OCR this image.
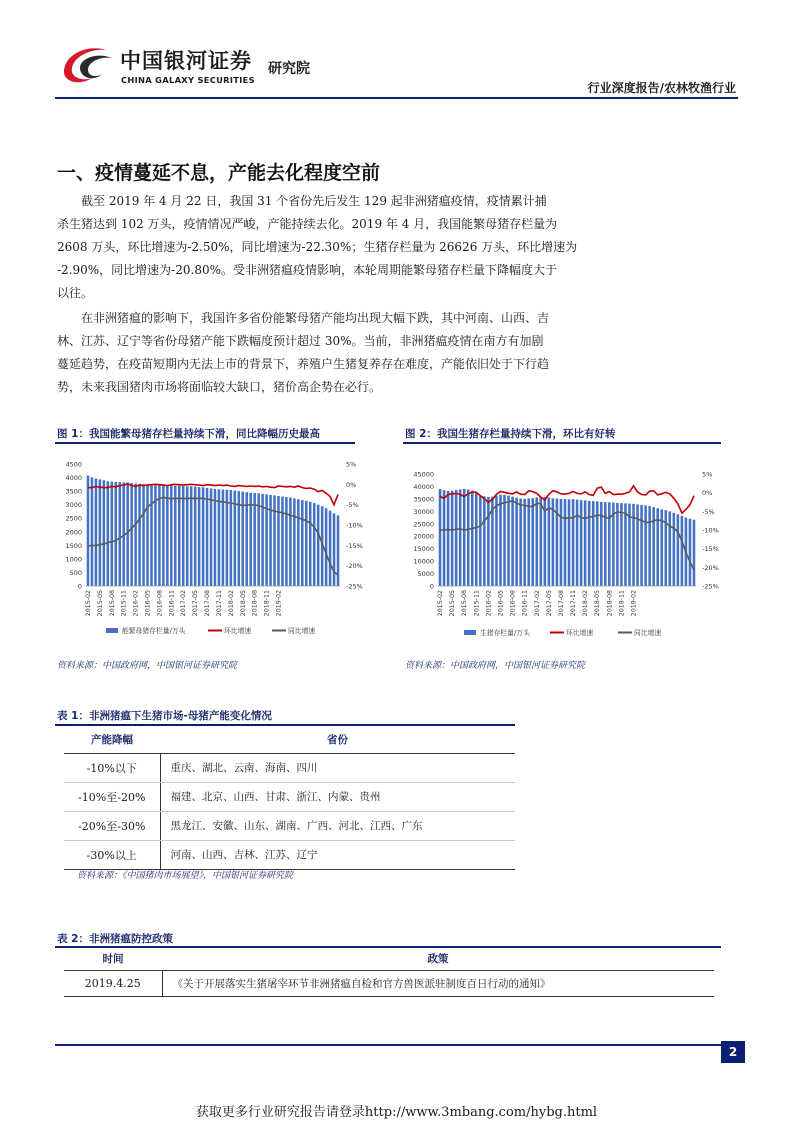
中国银河证券
CHINA GALAXY SECURITIES
研究院
行业深度报告/农林牧渔行业
一、疫情蔓延不息，产能去化程度空前
截至 2019 年 4 月 22 日，我国 31 个省份先后发生 129 起非洲猪瘟疫情，疫情累计捕
杀生猪达到 102 万头，疫情情况严峻，产能持续去化。2019 年 4 月，我国能繁母猪存栏量为
2608 万头，环比增速为-2.50%，同比增速为-22.30%；生猪存栏量为 26626 万头，环比增速为
-2.90%，同比增速为-20.80%。受非洲猪瘟疫情影响，本轮周期能繁母猪存栏量下降幅度大于
以往。
在非洲猪瘟的影响下，我国许多省份能繁母猪产能均出现大幅下跌，其中河南、山西、吉
林、江苏、辽宁等省份母猪产能下跌幅度预计超过 30%。当前，非洲猪瘟疫情在南方有加剧
蔓延趋势，在疫苗短期内无法上市的背景下，养殖户生猪复养存在难度，产能依旧处于下行趋
势，未来我国猪肉市场将面临较大缺口，猪价高企势在必行。
图 1：我国能繁母猪存栏量持续下滑，同比降幅历史最高
4500
4000
3500
3000
2500
2000
1500
1000
500
0
5%
0%
-5%
-10%
-15%
-20%
-25%
2015-02 2015-05 2015-08 2015-11 2016-02 2016-05 2016-08 2016-11 2017-02 2017-05 2017-08 2017-11 2018-02 2018-05 2018-08 2018-11 2019-02
能繁母猪存栏量/万头	环比增速	同比增速
资料来源：中国政府网，中国银河证券研究院
图 2：我国生猪存栏量持续下滑，环比有好转
45000
40000
35000
30000
25000
20000
15000
10000
5000
0
5%
0%
-5%
-10%
-15%
-20%
-25%
2015-02 2015-05 2015-08 2015-11 2016-02 2016-05 2016-08 2016-11 2017-02 2017-05 2017-08 2017-11 2018-02 2018-05 2018-08 2018-11 2019-02
生猪存栏量/万头	环比增速	同比增速
资料来源：中国政府网，中国银河证券研究院
表 1：非洲猪瘟下生猪市场-母猪产能变化情况
产能降幅	省份
-10%以下	重庆、湖北、云南、海南、四川
-10%至-20%	福建、北京、山西、甘肃、浙江、内蒙、贵州
-20%至-30%	黑龙江、安徽、山东、湖南、广西、河北、江西、广东
-30%以上	河南、山西、吉林、江苏、辽宁
资料来源：《中国猪肉市场展望》，中国银河证券研究院
表 2：非洲猪瘟防控政策
时间	政策
2019.4.25	《关于开展落实生猪屠宰环节非洲猪瘟自检和官方兽医派驻制度百日行动的通知》
2
获取更多行业研究报告请登录http://www.3mbang.com/hybg.html
